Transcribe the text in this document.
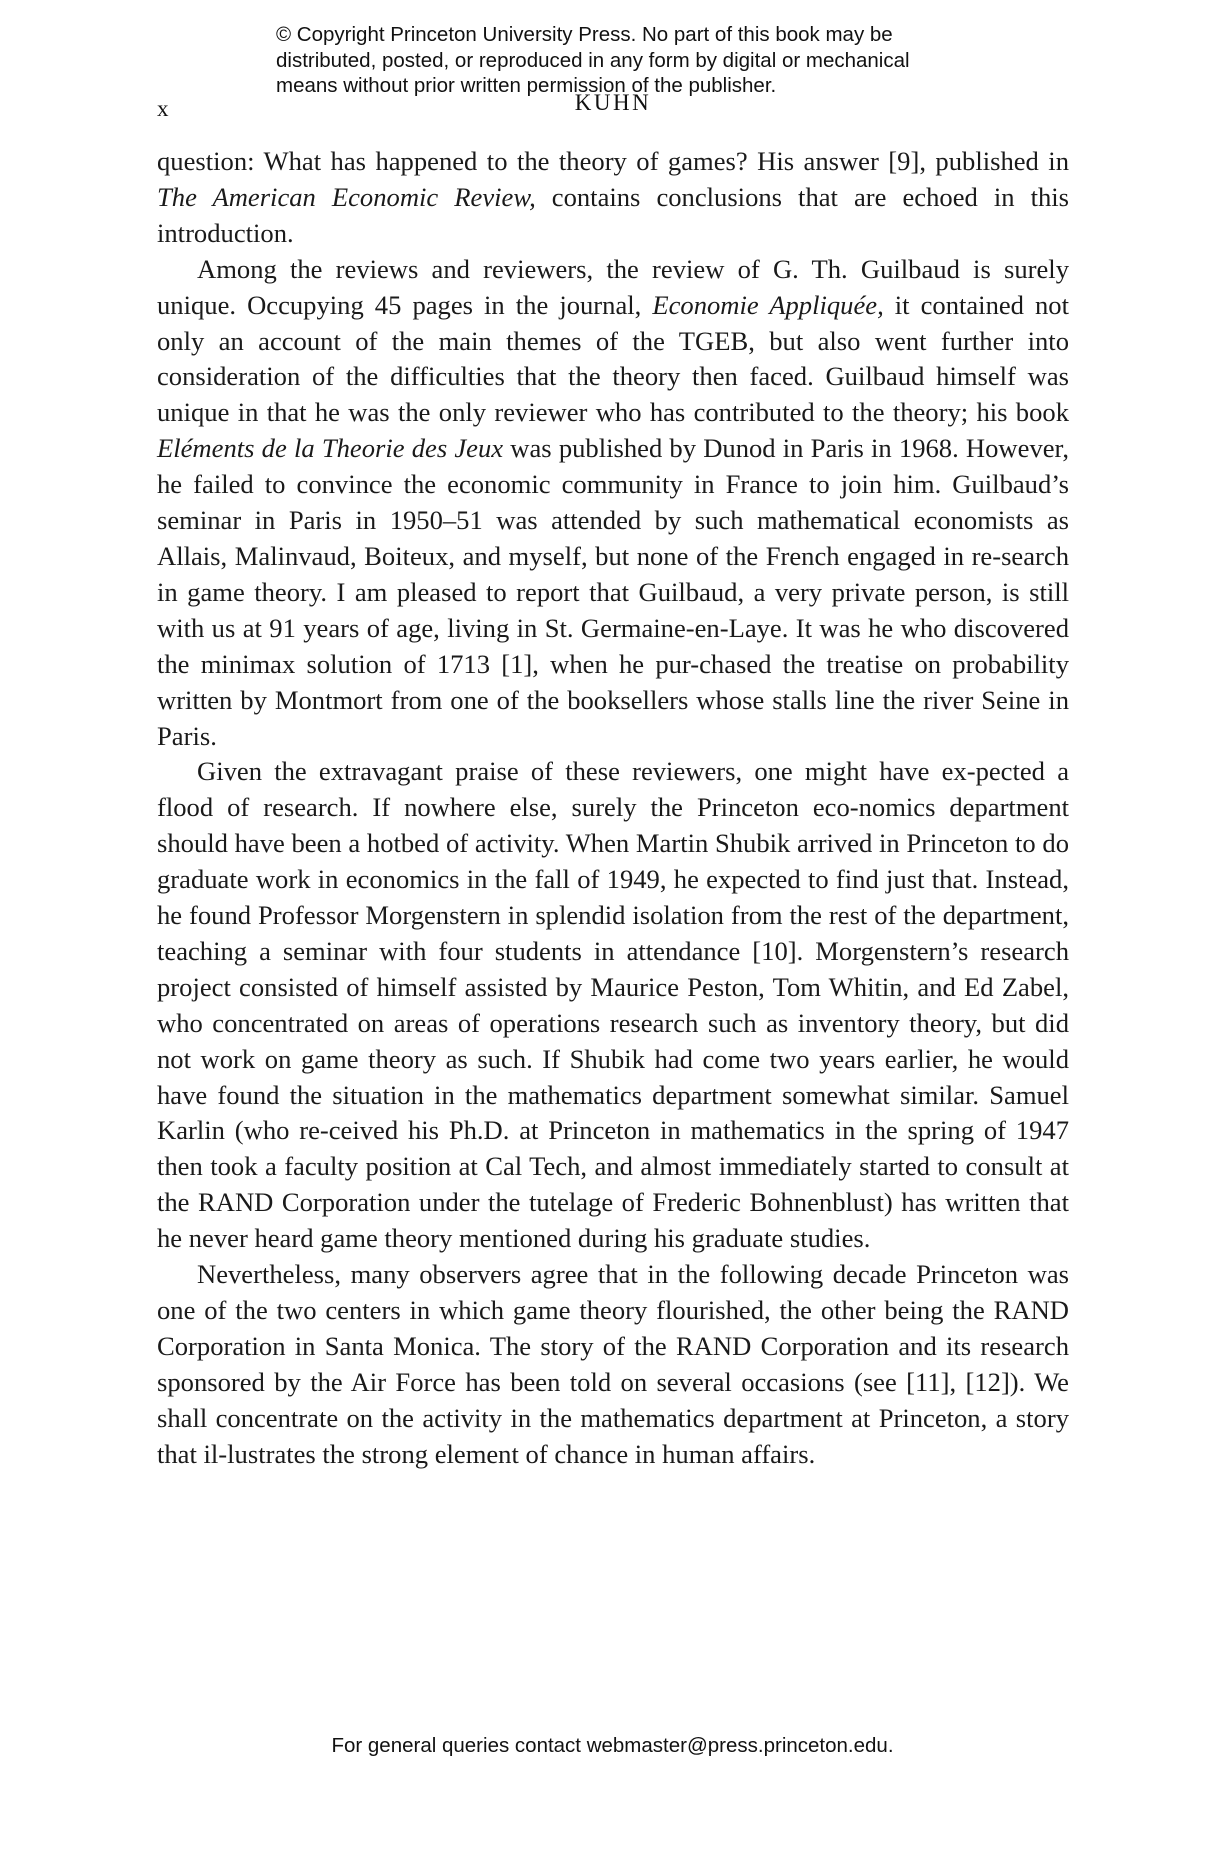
© Copyright Princeton University Press. No part of this book may be
distributed, posted, or reproduced in any form by digital or mechanical
means without prior written permission of the publisher.
x	KUHN

question: What has happened to the theory of games? His answer [9], published in The American Economic Review, contains conclusions that are echoed in this introduction.

Among the reviews and reviewers, the review of G. Th. Guilbaud is surely unique. Occupying 45 pages in the journal, Economie Appliquée, it contained not only an account of the main themes of the TGEB, but also went further into consideration of the difficulties that the theory then faced. Guilbaud himself was unique in that he was the only reviewer who has contributed to the theory; his book Eléments de la Theorie des Jeux was published by Dunod in Paris in 1968. However, he failed to convince the economic community in France to join him. Guilbaud’s seminar in Paris in 1950–51 was attended by such mathematical economists as Allais, Malinvaud, Boiteux, and myself, but none of the French engaged in re-search in game theory. I am pleased to report that Guilbaud, a very private person, is still with us at 91 years of age, living in St. Germaine-en-Laye. It was he who discovered the minimax solution of 1713 [1], when he pur-chased the treatise on probability written by Montmort from one of the booksellers whose stalls line the river Seine in Paris.

Given the extravagant praise of these reviewers, one might have ex-pected a flood of research. If nowhere else, surely the Princeton eco-nomics department should have been a hotbed of activity. When Martin Shubik arrived in Princeton to do graduate work in economics in the fall of 1949, he expected to find just that. Instead, he found Professor Morgenstern in splendid isolation from the rest of the department, teaching a seminar with four students in attendance [10]. Morgenstern’s research project consisted of himself assisted by Maurice Peston, Tom Whitin, and Ed Zabel, who concentrated on areas of operations research such as inventory theory, but did not work on game theory as such. If Shubik had come two years earlier, he would have found the situation in the mathematics department somewhat similar. Samuel Karlin (who re-ceived his Ph.D. at Princeton in mathematics in the spring of 1947 then took a faculty position at Cal Tech, and almost immediately started to consult at the RAND Corporation under the tutelage of Frederic Bohnenblust) has written that he never heard game theory mentioned during his graduate studies.

Nevertheless, many observers agree that in the following decade Princeton was one of the two centers in which game theory flourished, the other being the RAND Corporation in Santa Monica. The story of the RAND Corporation and its research sponsored by the Air Force has been told on several occasions (see [11], [12]). We shall concentrate on the activity in the mathematics department at Princeton, a story that il-lustrates the strong element of chance in human affairs.

For general queries contact webmaster@press.princeton.edu.
